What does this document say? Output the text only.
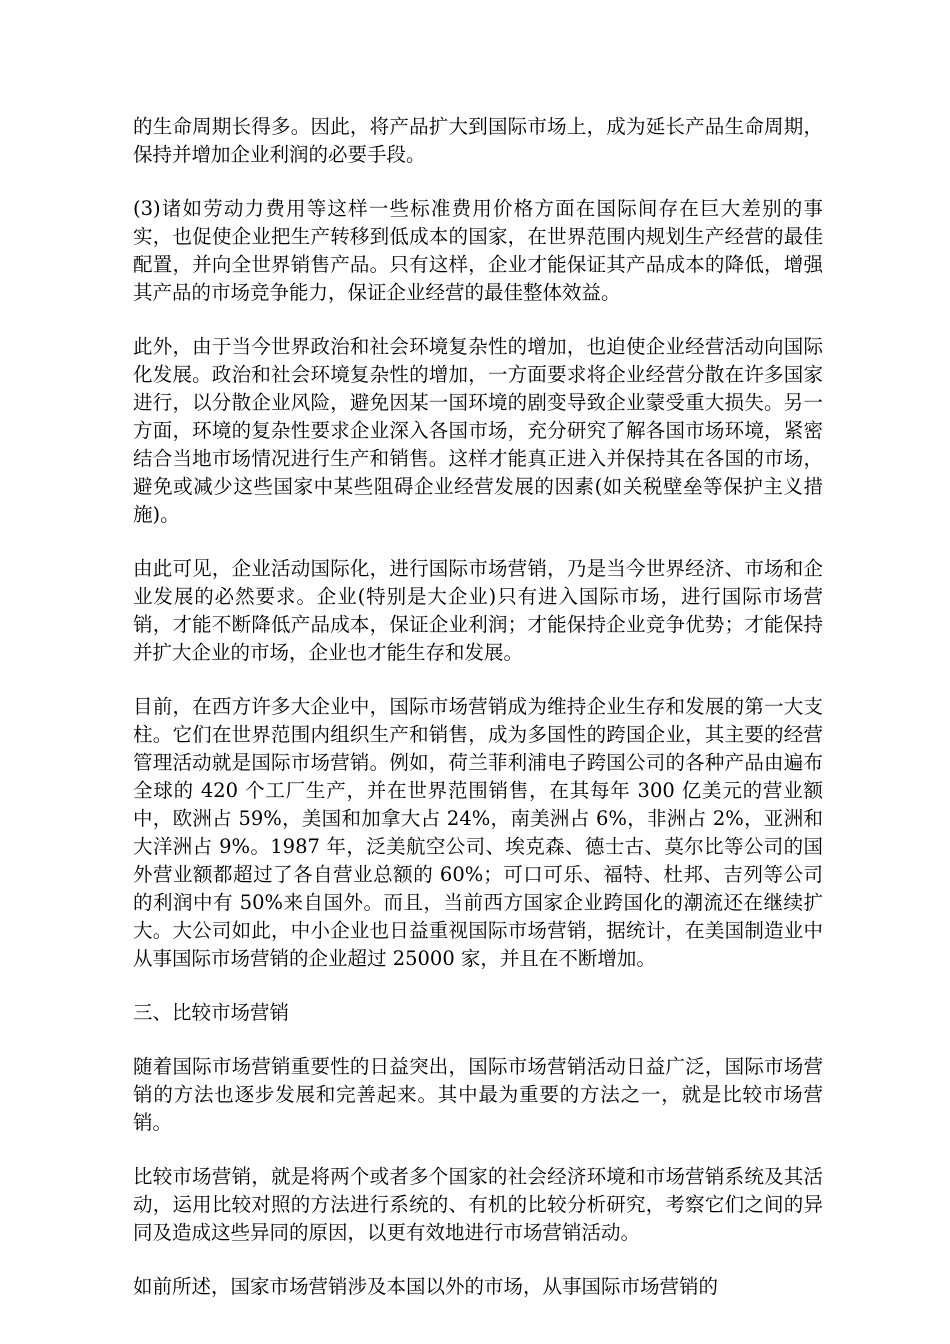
的生命周期长得多。因此，将产品扩大到国际市场上，成为延长产品生命周期，保持并增加企业利润的必要手段。

(3)诸如劳动力费用等这样一些标准费用价格方面在国际间存在巨大差别的事实，也促使企业把生产转移到低成本的国家，在世界范围内规划生产经营的最佳配置，并向全世界销售产品。只有这样，企业才能保证其产品成本的降低，增强其产品的市场竞争能力，保证企业经营的最佳整体效益。

此外，由于当今世界政治和社会环境复杂性的增加，也迫使企业经营活动向国际化发展。政治和社会环境复杂性的增加，一方面要求将企业经营分散在许多国家进行，以分散企业风险，避免因某一国环境的剧变导致企业蒙受重大损失。另一方面，环境的复杂性要求企业深入各国市场，充分研究了解各国市场环境，紧密结合当地市场情况进行生产和销售。这样才能真正进入并保持其在各国的市场，避免或减少这些国家中某些阻碍企业经营发展的因素(如关税壁垒等保护主义措施)。

由此可见，企业活动国际化，进行国际市场营销，乃是当今世界经济、市场和企业发展的必然要求。企业(特别是大企业)只有进入国际市场，进行国际市场营销，才能不断降低产品成本，保证企业利润；才能保持企业竞争优势；才能保持并扩大企业的市场，企业也才能生存和发展。

目前，在西方许多大企业中，国际市场营销成为维持企业生存和发展的第一大支柱。它们在世界范围内组织生产和销售，成为多国性的跨国企业，其主要的经营管理活动就是国际市场营销。例如，荷兰菲利浦电子跨国公司的各种产品由遍布全球的 420 个工厂生产，并在世界范围销售，在其每年 300 亿美元的营业额中，欧洲占 59%，美国和加拿大占 24%，南美洲占 6%，非洲占 2%，亚洲和大洋洲占 9%。1987 年，泛美航空公司、埃克森、德士古、莫尔比等公司的国外营业额都超过了各自营业总额的 60%；可口可乐、福特、杜邦、吉列等公司的利润中有 50%来自国外。而且，当前西方国家企业跨国化的潮流还在继续扩大。大公司如此，中小企业也日益重视国际市场营销，据统计，在美国制造业中从事国际市场营销的企业超过 25000 家，并且在不断增加。

三、比较市场营销

随着国际市场营销重要性的日益突出，国际市场营销活动日益广泛，国际市场营销的方法也逐步发展和完善起来。其中最为重要的方法之一，就是比较市场营销。

比较市场营销，就是将两个或者多个国家的社会经济环境和市场营销系统及其活动，运用比较对照的方法进行系统的、有机的比较分析研究，考察它们之间的异同及造成这些异同的原因，以更有效地进行市场营销活动。

如前所述，国家市场营销涉及本国以外的市场，从事国际市场营销的
